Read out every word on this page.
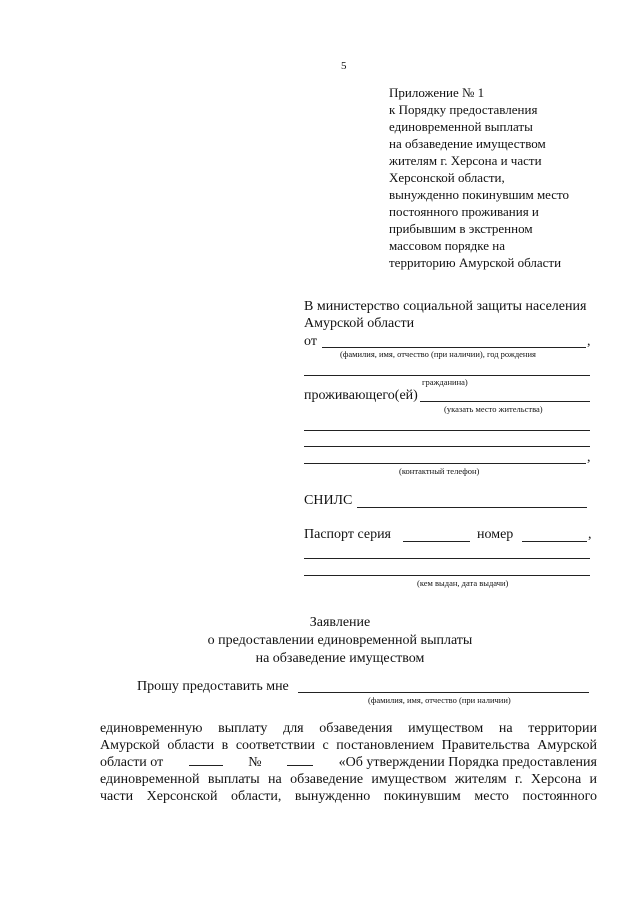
5
Приложение № 1
к Порядку предоставления
единовременной выплаты
на обзаведение имуществом
жителям г. Херсона и части
Херсонской области,
вынужденно покинувшим место
постоянного проживания и
прибывшим в экстренном
массовом порядке на
территорию Амурской области
В министерство социальной защиты населения
Амурской области
от	,
(фамилия, имя, отчество (при наличии), год рождения
гражданина)
проживающего(ей)
(указать место жительства)
,
(контактный телефон)
СНИЛС
Паспорт серия	номер	,
(кем выдан, дата выдачи)
Заявление
о предоставлении единовременной выплаты
на обзаведение имуществом
Прошу предоставить мне
(фамилия, имя, отчество (при наличии)
единовременную выплату для обзаведения имуществом на территории
Амурской области в соответствии с постановлением Правительства Амурской
области от	№	«Об утверждении Порядка предоставления
единовременной выплаты на обзаведение имуществом жителям г. Херсона и
части Херсонской области, вынужденно покинувшим место постоянного
